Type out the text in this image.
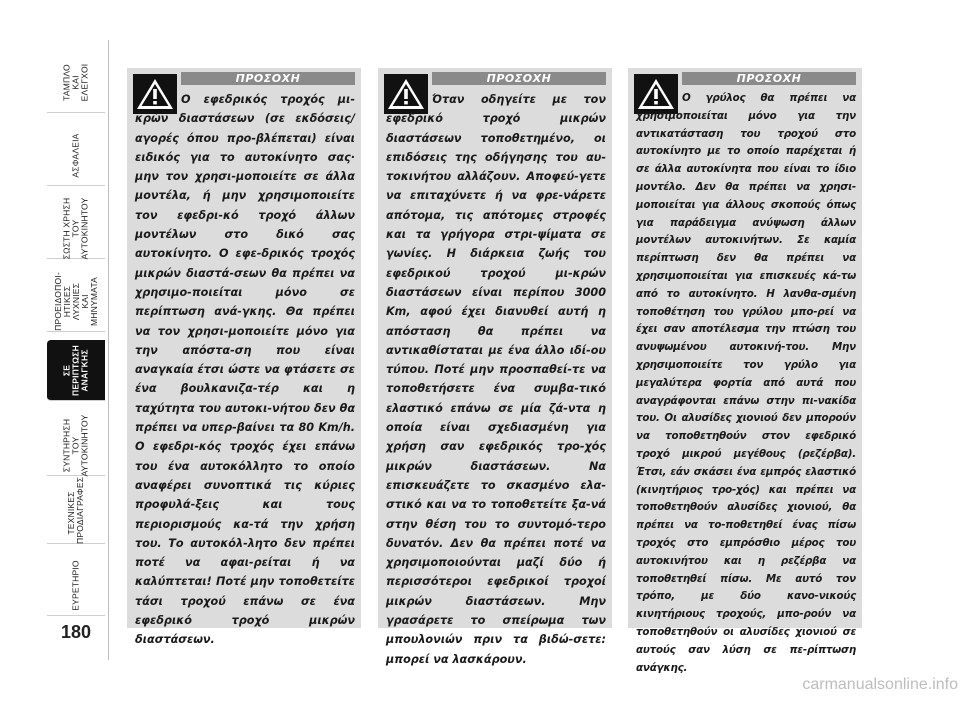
ΤΑΜΠΛΟ
ΚΑΙ
ΕΛΕΓΧΟΙ
ΑΣΦΑΛΕΙΑ
ΣΩΣΤΗ ΧΡΗΣΗ
ΤΟΥ
ΑΥΤΟΚΙΝΗΤΟΥ
ΠΡΟΕΙΔΟΠΟΙ-
ΗΤΙΚΕΣ ΛΥΧΝΙΕΣ
ΚΑΙ ΜΗΝΥΜΑΤΑ
ΣΕ ΠΕΡΙΠΤΩΣΗ
ΑΝΑΓΚΗΣ
ΣΥΝΤΗΡΗΣΗ
ΤΟΥ
ΑΥΤΟΚΙΝΗΤΟΥ
ΤΕΧΝΙΚΕΣ
ΠΡΟΔΙΑΓΡΑΦΕΣ
ΕΥΡΕΤΗΡΙΟ
180
ΠΡΟΣΟΧΗ
Ο εφεδρικός τροχός μι-κρών διαστάσεων (σε εκδόσεις/αγορές όπου προ-βλέπεται) είναι ειδικός για το αυτοκίνητο σας· μην τον χρησι-μοποιείτε σε άλλα μοντέλα, ή μην χρησιμοποιείτε τον εφεδρι-κό τροχό άλλων μοντέλων στο δικό σας αυτοκίνητο. Ο εφε-δρικός τροχός μικρών διαστά-σεων θα πρέπει να χρησιμο-ποιείται μόνο σε περίπτωση ανά-γκης. Θα πρέπει να τον χρησι-μοποιείτε μόνο για την απόστα-ση που είναι αναγκαία έτσι ώστε να φτάσετε σε ένα βουλκανιζα-τέρ και η ταχύτητα του αυτοκι-νήτου δεν θα πρέπει να υπερ-βαίνει τα 80 Km/h. Ο εφεδρι-κός τροχός έχει επάνω του ένα αυτοκόλλητο το οποίο αναφέρει συνοπτικά τις κύριες προφυλά-ξεις και τους περιορισμούς κα-τά την χρήση του. Το αυτοκόλ-λητο δεν πρέπει ποτέ να αφαι-ρείται ή να καλύπτεται! Ποτέ μην τοποθετείτε τάσι τροχού επάνω σε ένα εφεδρικό τροχό μικρών διαστάσεων.
ΠΡΟΣΟΧΗ
Όταν οδηγείτε με τον εφεδρικό τροχό μικρών διαστάσεων τοποθετημένο, οι επιδόσεις της οδήγησης του αυ-τοκινήτου αλλάζουν. Αποφεύ-γετε να επιταχύνετε ή να φρε-νάρετε απότομα, τις απότομες στροφές και τα γρήγορα στρι-ψίματα σε γωνίες. Η διάρκεια ζωής του εφεδρικού τροχού μι-κρών διαστάσεων είναι περίπου 3000 Km, αφού έχει διανυθεί αυτή η απόσταση θα πρέπει να αντικαθίσταται με ένα άλλο ιδί-ου τύπου. Ποτέ μην προσπαθεί-τε να τοποθετήσετε ένα συμβα-τικό ελαστικό επάνω σε μία ζά-ντα η οποία είναι σχεδιασμένη για χρήση σαν εφεδρικός τρο-χός μικρών διαστάσεων. Να επισκευάζετε το σκασμένο ελα-στικό και να το τοποθετείτε ξα-νά στην θέση του το συντομό-τερο δυνατόν. Δεν θα πρέπει ποτέ να χρησιμοποιούνται μαζί δύο ή περισσότεροι εφεδρικοί τροχοί μικρών διαστάσεων. Μην γρασάρετε το σπείρωμα των μπουλονιών πριν τα βιδώ-σετε: μπορεί να λασκάρουν.
ΠΡΟΣΟΧΗ
Ο γρύλος θα πρέπει να χρησιμοποιείται μόνο για την αντικατάσταση του τροχού στο αυτοκίνητο με το οποίο παρέχεται ή σε άλλα αυτοκίνητα που είναι το ίδιο μοντέλο. Δεν θα πρέπει να χρησι-μοποιείται για άλλους σκοπούς όπως για παράδειγμα ανύψωση άλλων μοντέλων αυτοκινήτων. Σε καμία περίπτωση δεν θα πρέπει να χρησιμοποιείται για επισκευές κά-τω από το αυτοκίνητο. Η λανθα-σμένη τοποθέτηση του γρύλου μπο-ρεί να έχει σαν αποτέλεσμα την πτώση του ανυψωμένου αυτοκινή-του. Μην χρησιμοποιείτε τον γρύλο για μεγαλύτερα φορτία από αυτά που αναγράφονται επάνω στην πι-νακίδα του. Οι αλυσίδες χιονιού δεν μπορούν να τοποθετηθούν στον εφεδρικό τροχό μικρού μεγέθους (ρεζέρβα). Έτσι, εάν σκάσει ένα εμπρός ελαστικό (κινητήριος τρο-χός) και πρέπει να τοποθετηθούν αλυσίδες χιονιού, θα πρέπει να το-ποθετηθεί ένας πίσω τροχός στο εμπρόσθιο μέρος του αυτοκινήτου και η ρεζέρβα να τοποθετηθεί πίσω. Με αυτό τον τρόπο, με δύο κανο-νικούς κινητήριους τροχούς, μπο-ρούν να τοποθετηθούν οι αλυσίδες χιονιού σε αυτούς σαν λύση σε πε-ρίπτωση ανάγκης.
carmanualsonline.info
